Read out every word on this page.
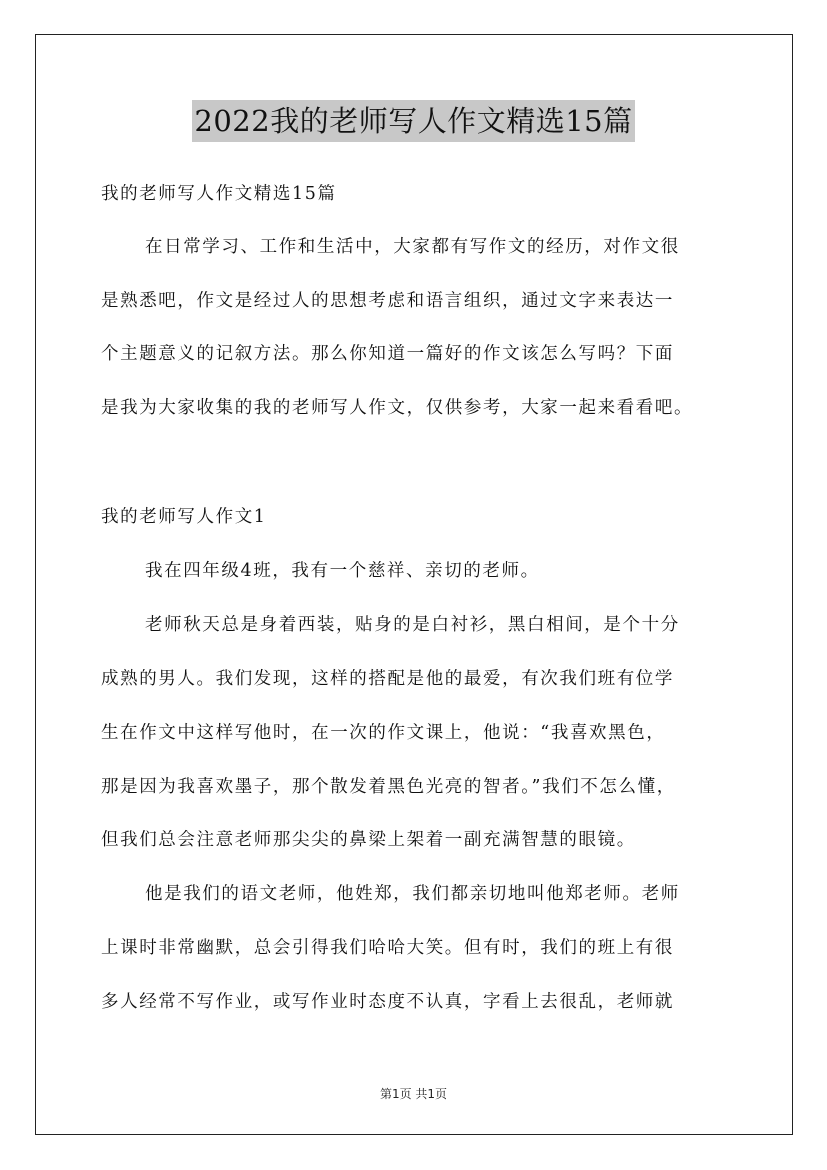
2022我的老师写人作文精选15篇
我的老师写人作文精选15篇
在日常学习、工作和生活中，大家都有写作文的经历，对作文很
是熟悉吧，作文是经过人的思想考虑和语言组织，通过文字来表达一
个主题意义的记叙方法。那么你知道一篇好的作文该怎么写吗？下面
是我为大家收集的我的老师写人作文，仅供参考，大家一起来看看吧。
我的老师写人作文1
我在四年级4班，我有一个慈祥、亲切的老师。
老师秋天总是身着西装，贴身的是白衬衫，黑白相间，是个十分
成熟的男人。我们发现，这样的搭配是他的最爱，有次我们班有位学
生在作文中这样写他时，在一次的作文课上，他说：“我喜欢黑色，
那是因为我喜欢墨子，那个散发着黑色光亮的智者。”我们不怎么懂，
但我们总会注意老师那尖尖的鼻梁上架着一副充满智慧的眼镜。
他是我们的语文老师，他姓郑，我们都亲切地叫他郑老师。老师
上课时非常幽默，总会引得我们哈哈大笑。但有时，我们的班上有很
多人经常不写作业，或写作业时态度不认真，字看上去很乱，老师就
第1页 共1页
